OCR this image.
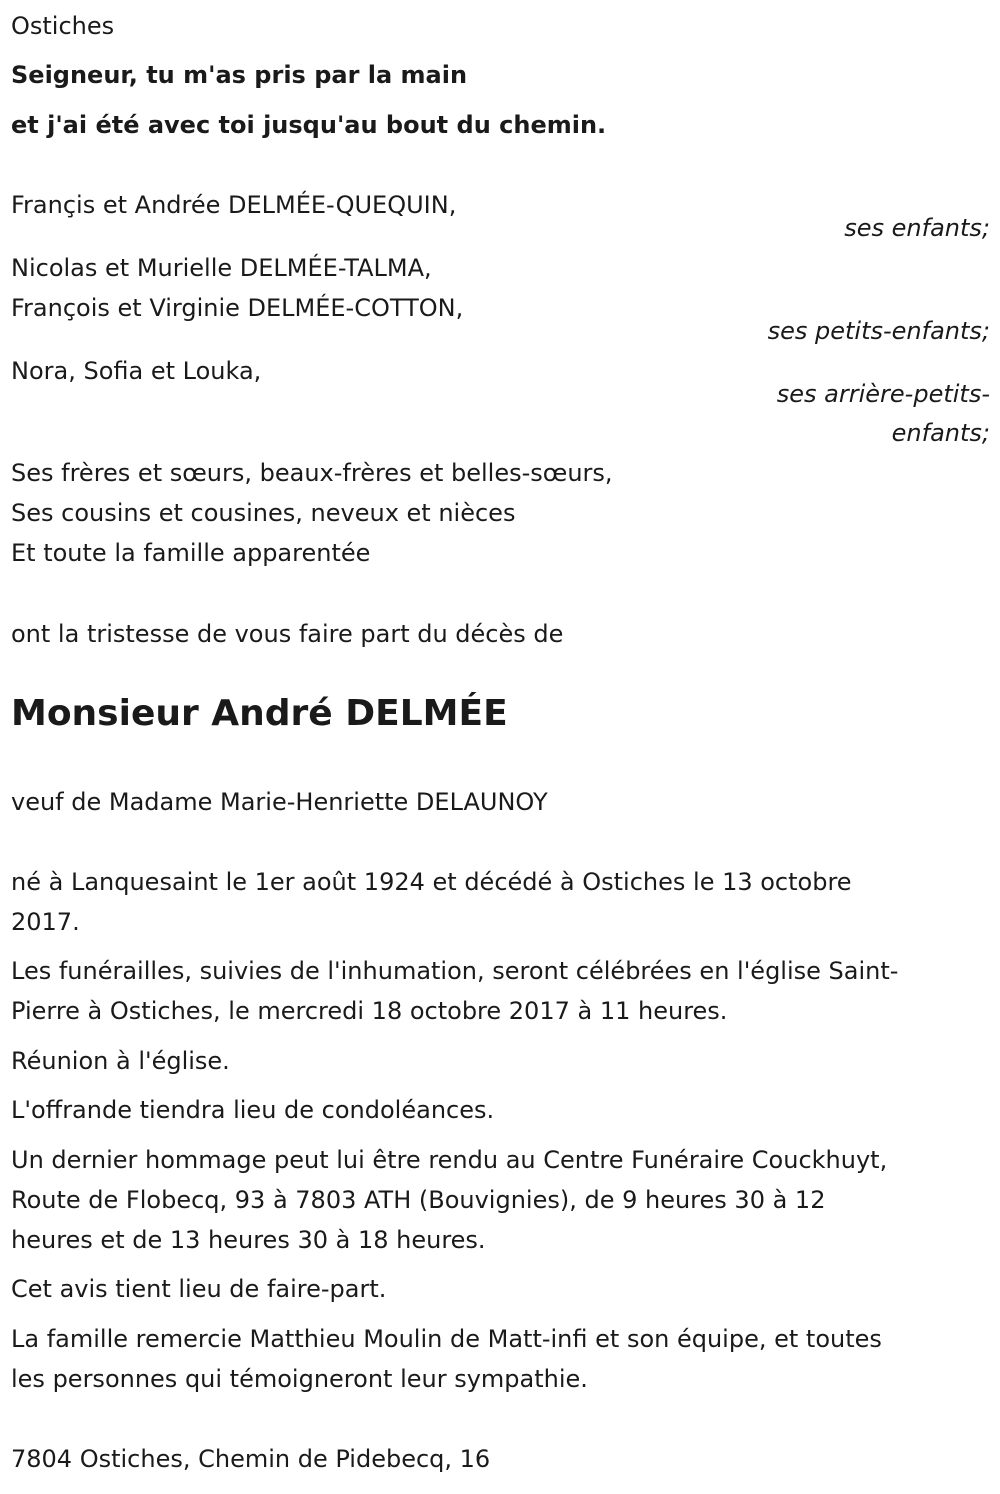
Ostiches

Seigneur, tu m'as pris par la main

et j'ai été avec toi jusqu'au bout du chemin.

Françis et Andrée DELMÉE-QUEQUIN,

ses enfants;

Nicolas et Murielle DELMÉE-TALMA,

François et Virginie DELMÉE-COTTON,

ses petits-enfants;

Nora, Sofia et Louka,

ses arrière-petits-
enfants;

Ses frères et sœurs, beaux-frères et belles-sœurs,

Ses cousins et cousines, neveux et nièces

Et toute la famille apparentée

ont la tristesse de vous faire part du décès de

Monsieur André DELMÉE

veuf de Madame Marie-Henriette DELAUNOY

né à Lanquesaint le 1er août 1924 et décédé à Ostiches le 13 octobre

2017.

Les funérailles, suivies de l'inhumation, seront célébrées en l'église Saint-

Pierre à Ostiches, le mercredi 18 octobre 2017 à 11 heures.

Réunion à l'église.

L'offrande tiendra lieu de condoléances.

Un dernier hommage peut lui être rendu au Centre Funéraire Couckhuyt,

Route de Flobecq, 93 à 7803 ATH (Bouvignies), de 9 heures 30 à 12

heures et de 13 heures 30 à 18 heures.

Cet avis tient lieu de faire-part.

La famille remercie Matthieu Moulin de Matt-infi et son équipe, et toutes

les personnes qui témoigneront leur sympathie.

7804 Ostiches, Chemin de Pidebecq, 16
